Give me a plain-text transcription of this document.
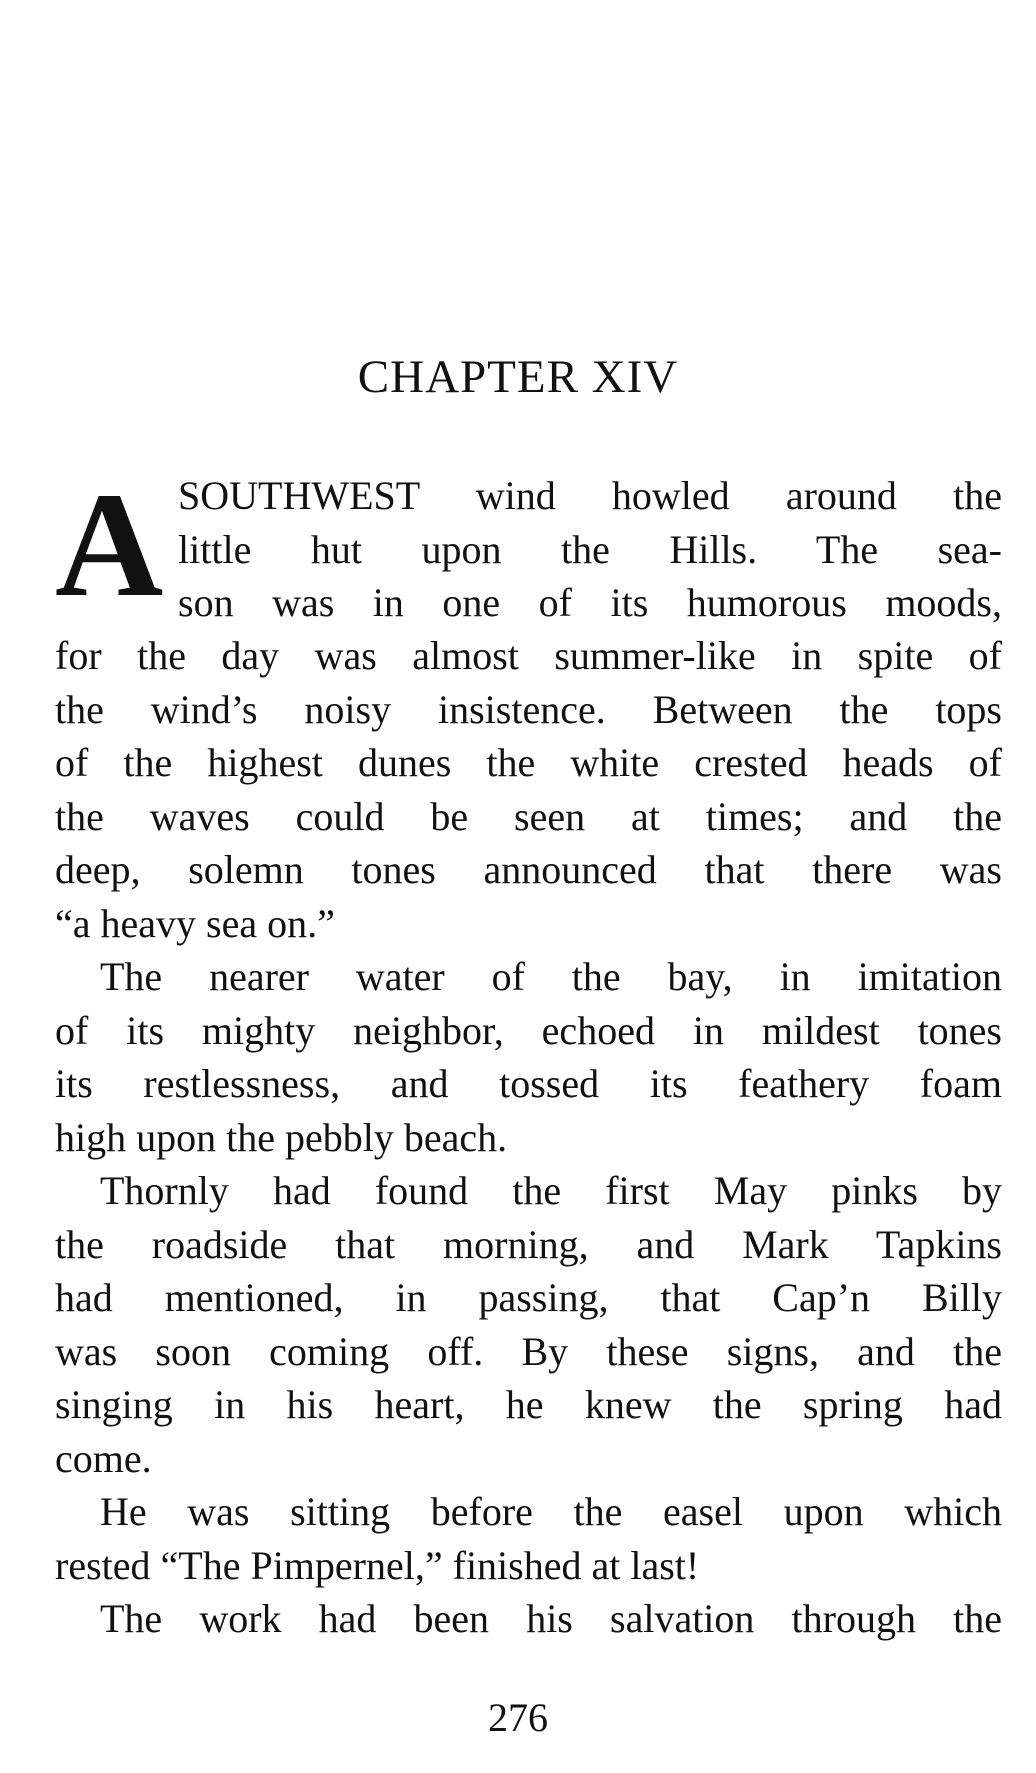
CHAPTER XIV
A SOUTHWEST wind howled around the
little hut upon the Hills. The sea-
son was in one of its humorous moods,
for the day was almost summer-like in spite of
the wind’s noisy insistence. Between the tops
of the highest dunes the white crested heads of
the waves could be seen at times; and the
deep, solemn tones announced that there was
“a heavy sea on.”
The nearer water of the bay, in imitation
of its mighty neighbor, echoed in mildest tones
its restlessness, and tossed its feathery foam
high upon the pebbly beach.
Thornly had found the first May pinks by
the roadside that morning, and Mark Tapkins
had mentioned, in passing, that Cap’n Billy
was soon coming off. By these signs, and the
singing in his heart, he knew the spring had
come.
He was sitting before the easel upon which
rested “The Pimpernel,” finished at last!
The work had been his salvation through the
276
